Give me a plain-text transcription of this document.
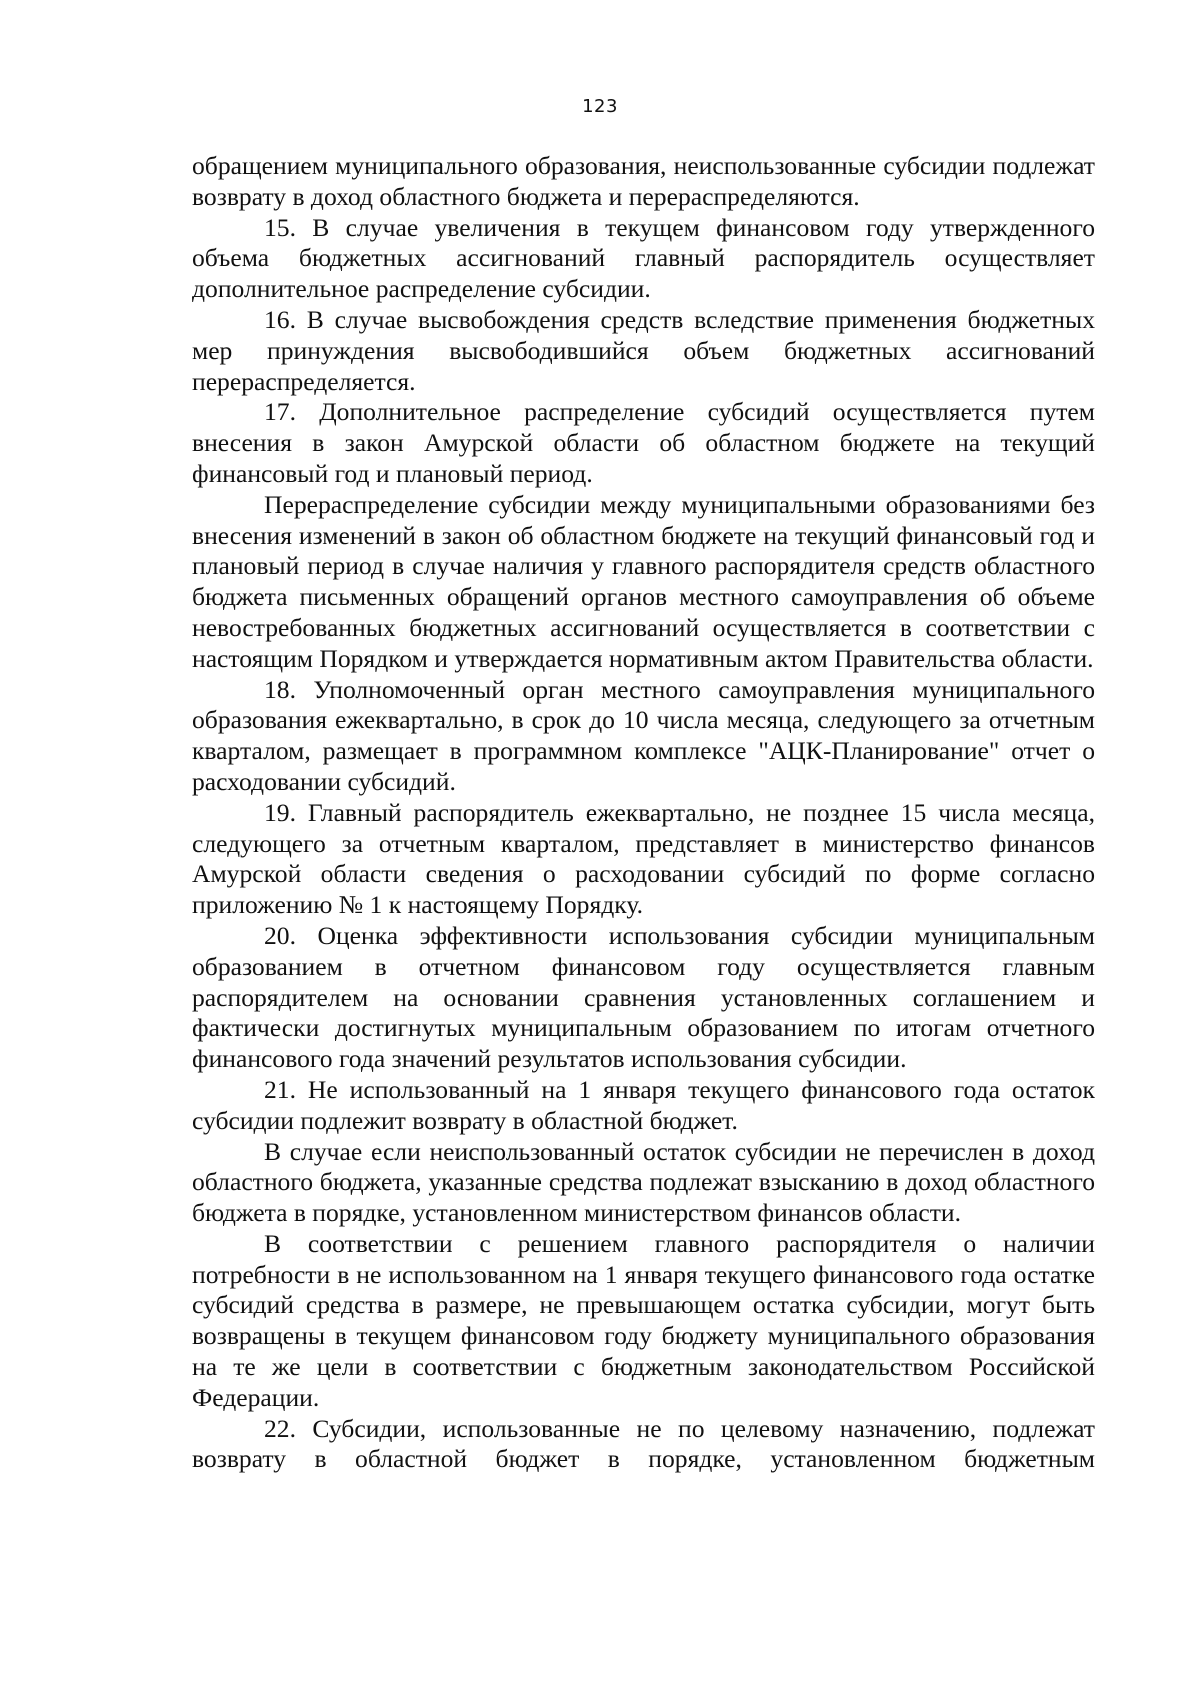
123

обращением муниципального образования, неиспользованные субсидии подлежат возврату в доход областного бюджета и перераспределяются.

15. В случае увеличения в текущем финансовом году утвержденного объема бюджетных ассигнований главный распорядитель осуществляет дополнительное распределение субсидии.

16. В случае высвобождения средств вследствие применения бюджетных мер принуждения высвободившийся объем бюджетных ассигнований перераспределяется.

17. Дополнительное распределение субсидий осуществляется путем внесения в закон Амурской области об областном бюджете на текущий финансовый год и плановый период.

Перераспределение субсидии между муниципальными образованиями без внесения изменений в закон об областном бюджете на текущий финансовый год и плановый период в случае наличия у главного распорядителя средств областного бюджета письменных обращений органов местного самоуправления об объеме невостребованных бюджетных ассигнований осуществляется в соответствии с настоящим Порядком и утверждается нормативным актом Правительства области.

18. Уполномоченный орган местного самоуправления муниципального образования ежеквартально, в срок до 10 числа месяца, следующего за отчетным кварталом, размещает в программном комплексе "АЦК-Планирование" отчет о расходовании субсидий.

19. Главный распорядитель ежеквартально, не позднее 15 числа месяца, следующего за отчетным кварталом, представляет в министерство финансов Амурской области сведения о расходовании субсидий по форме согласно приложению № 1 к настоящему Порядку.

20. Оценка эффективности использования субсидии муниципальным образованием в отчетном финансовом году осуществляется главным распорядителем на основании сравнения установленных соглашением и фактически достигнутых муниципальным образованием по итогам отчетного финансового года значений результатов использования субсидии.

21. Не использованный на 1 января текущего финансового года остаток субсидии подлежит возврату в областной бюджет.

В случае если неиспользованный остаток субсидии не перечислен в доход областного бюджета, указанные средства подлежат взысканию в доход областного бюджета в порядке, установленном министерством финансов области.

В соответствии с решением главного распорядителя о наличии потребности в не использованном на 1 января текущего финансового года остатке субсидий средства в размере, не превышающем остатка субсидии, могут быть возвращены в текущем финансовом году бюджету муниципального образования на те же цели в соответствии с бюджетным законодательством Российской Федерации.

22. Субсидии, использованные не по целевому назначению, подлежат возврату в областной бюджет в порядке, установленном бюджетным
